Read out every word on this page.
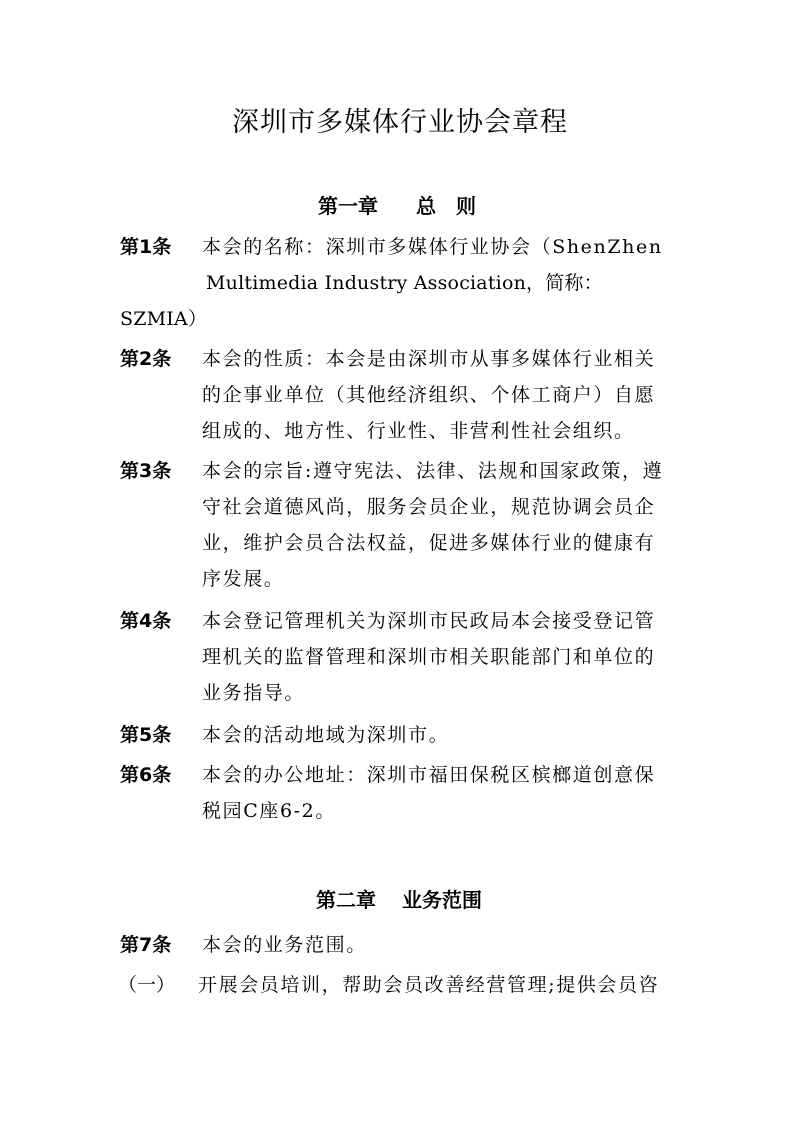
深圳市多媒体行业协会章程
第一章 总　则
第1条 本会的名称：深圳市多媒体行业协会（ShenZhen
Multimedia Industry Association，简称：
SZMIA）
第2条 本会的性质：本会是由深圳市从事多媒体行业相关
的企事业单位（其他经济组织、个体工商户）自愿
组成的、地方性、行业性、非营利性社会组织。
第3条 本会的宗旨:遵守宪法、法律、法规和国家政策，遵
守社会道德风尚，服务会员企业，规范协调会员企
业，维护会员合法权益，促进多媒体行业的健康有
序发展。
第4条 本会登记管理机关为深圳市民政局本会接受登记管
理机关的监督管理和深圳市相关职能部门和单位的
业务指导。
第5条 本会的活动地域为深圳市。
第6条 本会的办公地址：深圳市福田保税区槟榔道创意保
税园C座6-2。
第二章 业务范围
第7条 本会的业务范围。
（一） 开展会员培训，帮助会员改善经营管理;提供会员咨
